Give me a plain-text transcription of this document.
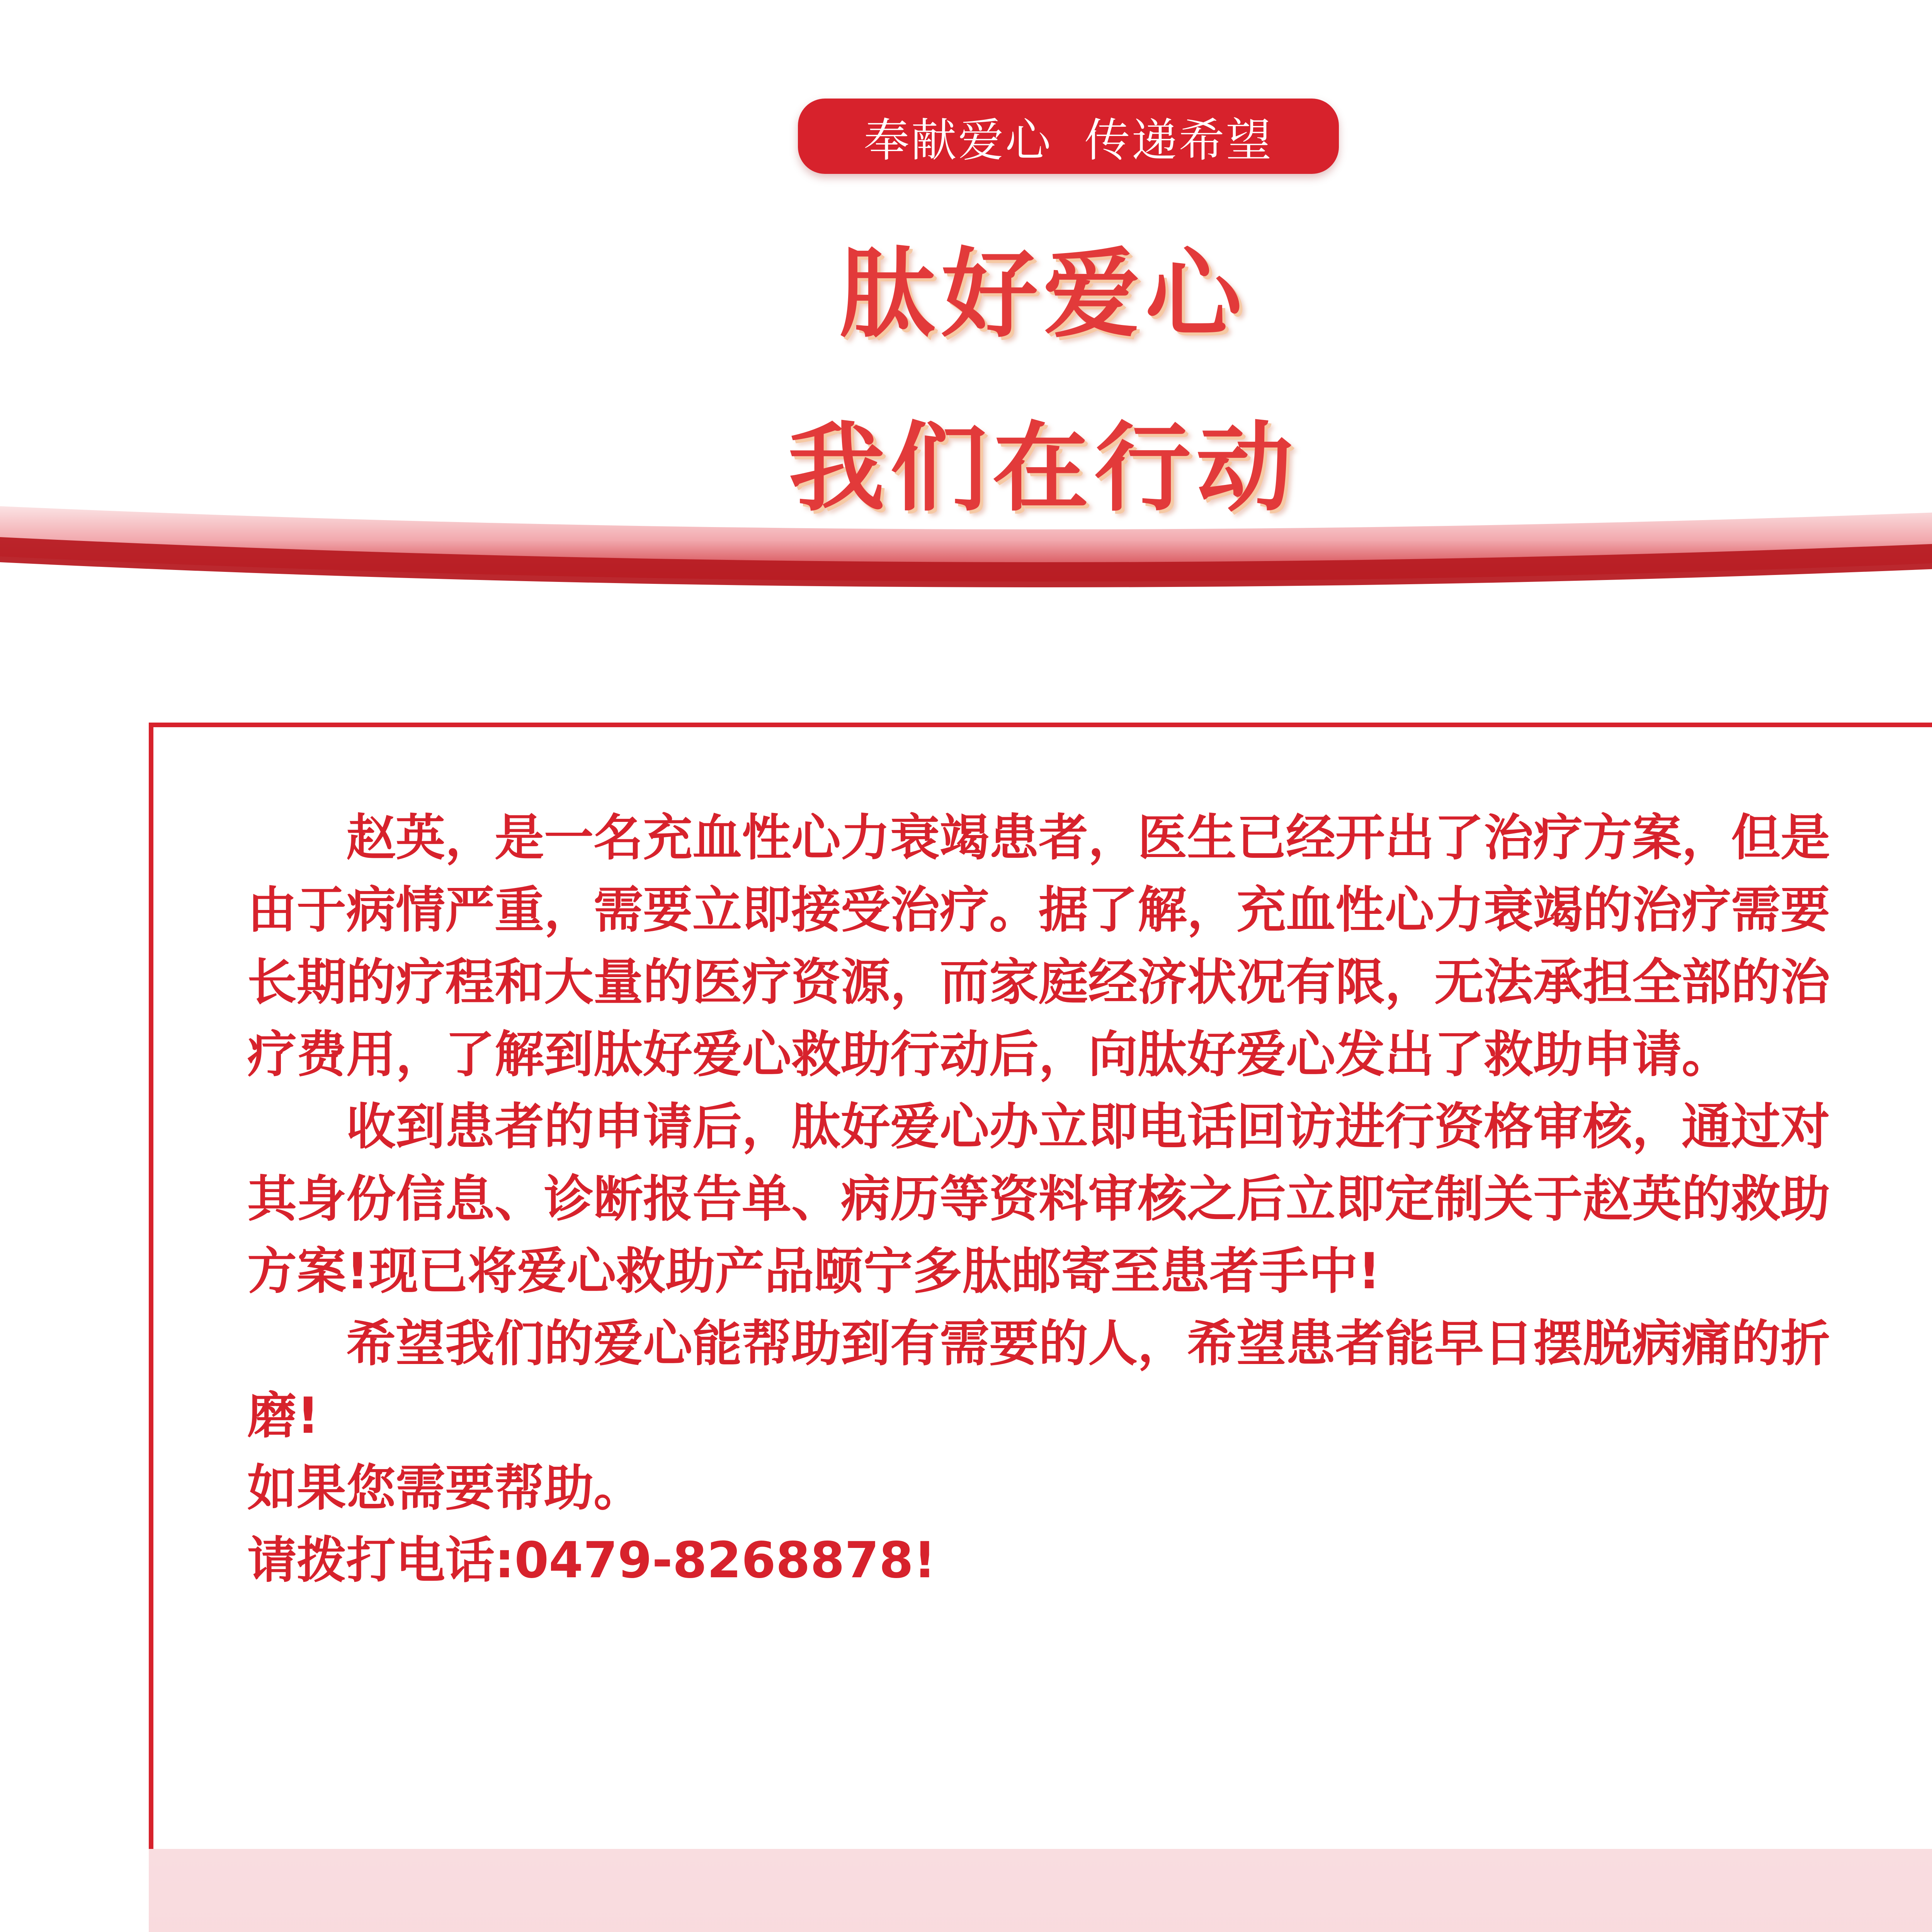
奉献爱心  传递希望
肽好爱心
我们在行动

赵英，是一名充血性心力衰竭患者，医生已经开出了治疗方案，但是由于病情严重，需要立即接受治疗。据了解，充血性心力衰竭的治疗需要长期的疗程和大量的医疗资源，而家庭经济状况有限，无法承担全部的治疗费用，了解到肽好爱心救助行动后，向肽好爱心发出了救助申请。

收到患者的申请后，肽好爱心办立即电话回访进行资格审核，通过对其身份信息、诊断报告单、病历等资料审核之后立即定制关于赵英的救助方案!现已将爱心救助产品颐宁多肽邮寄至患者手中!

希望我们的爱心能帮助到有需要的人，希望患者能早日摆脱病痛的折磨!

如果您需要帮助。

请拨打电话:0479-8268878!
